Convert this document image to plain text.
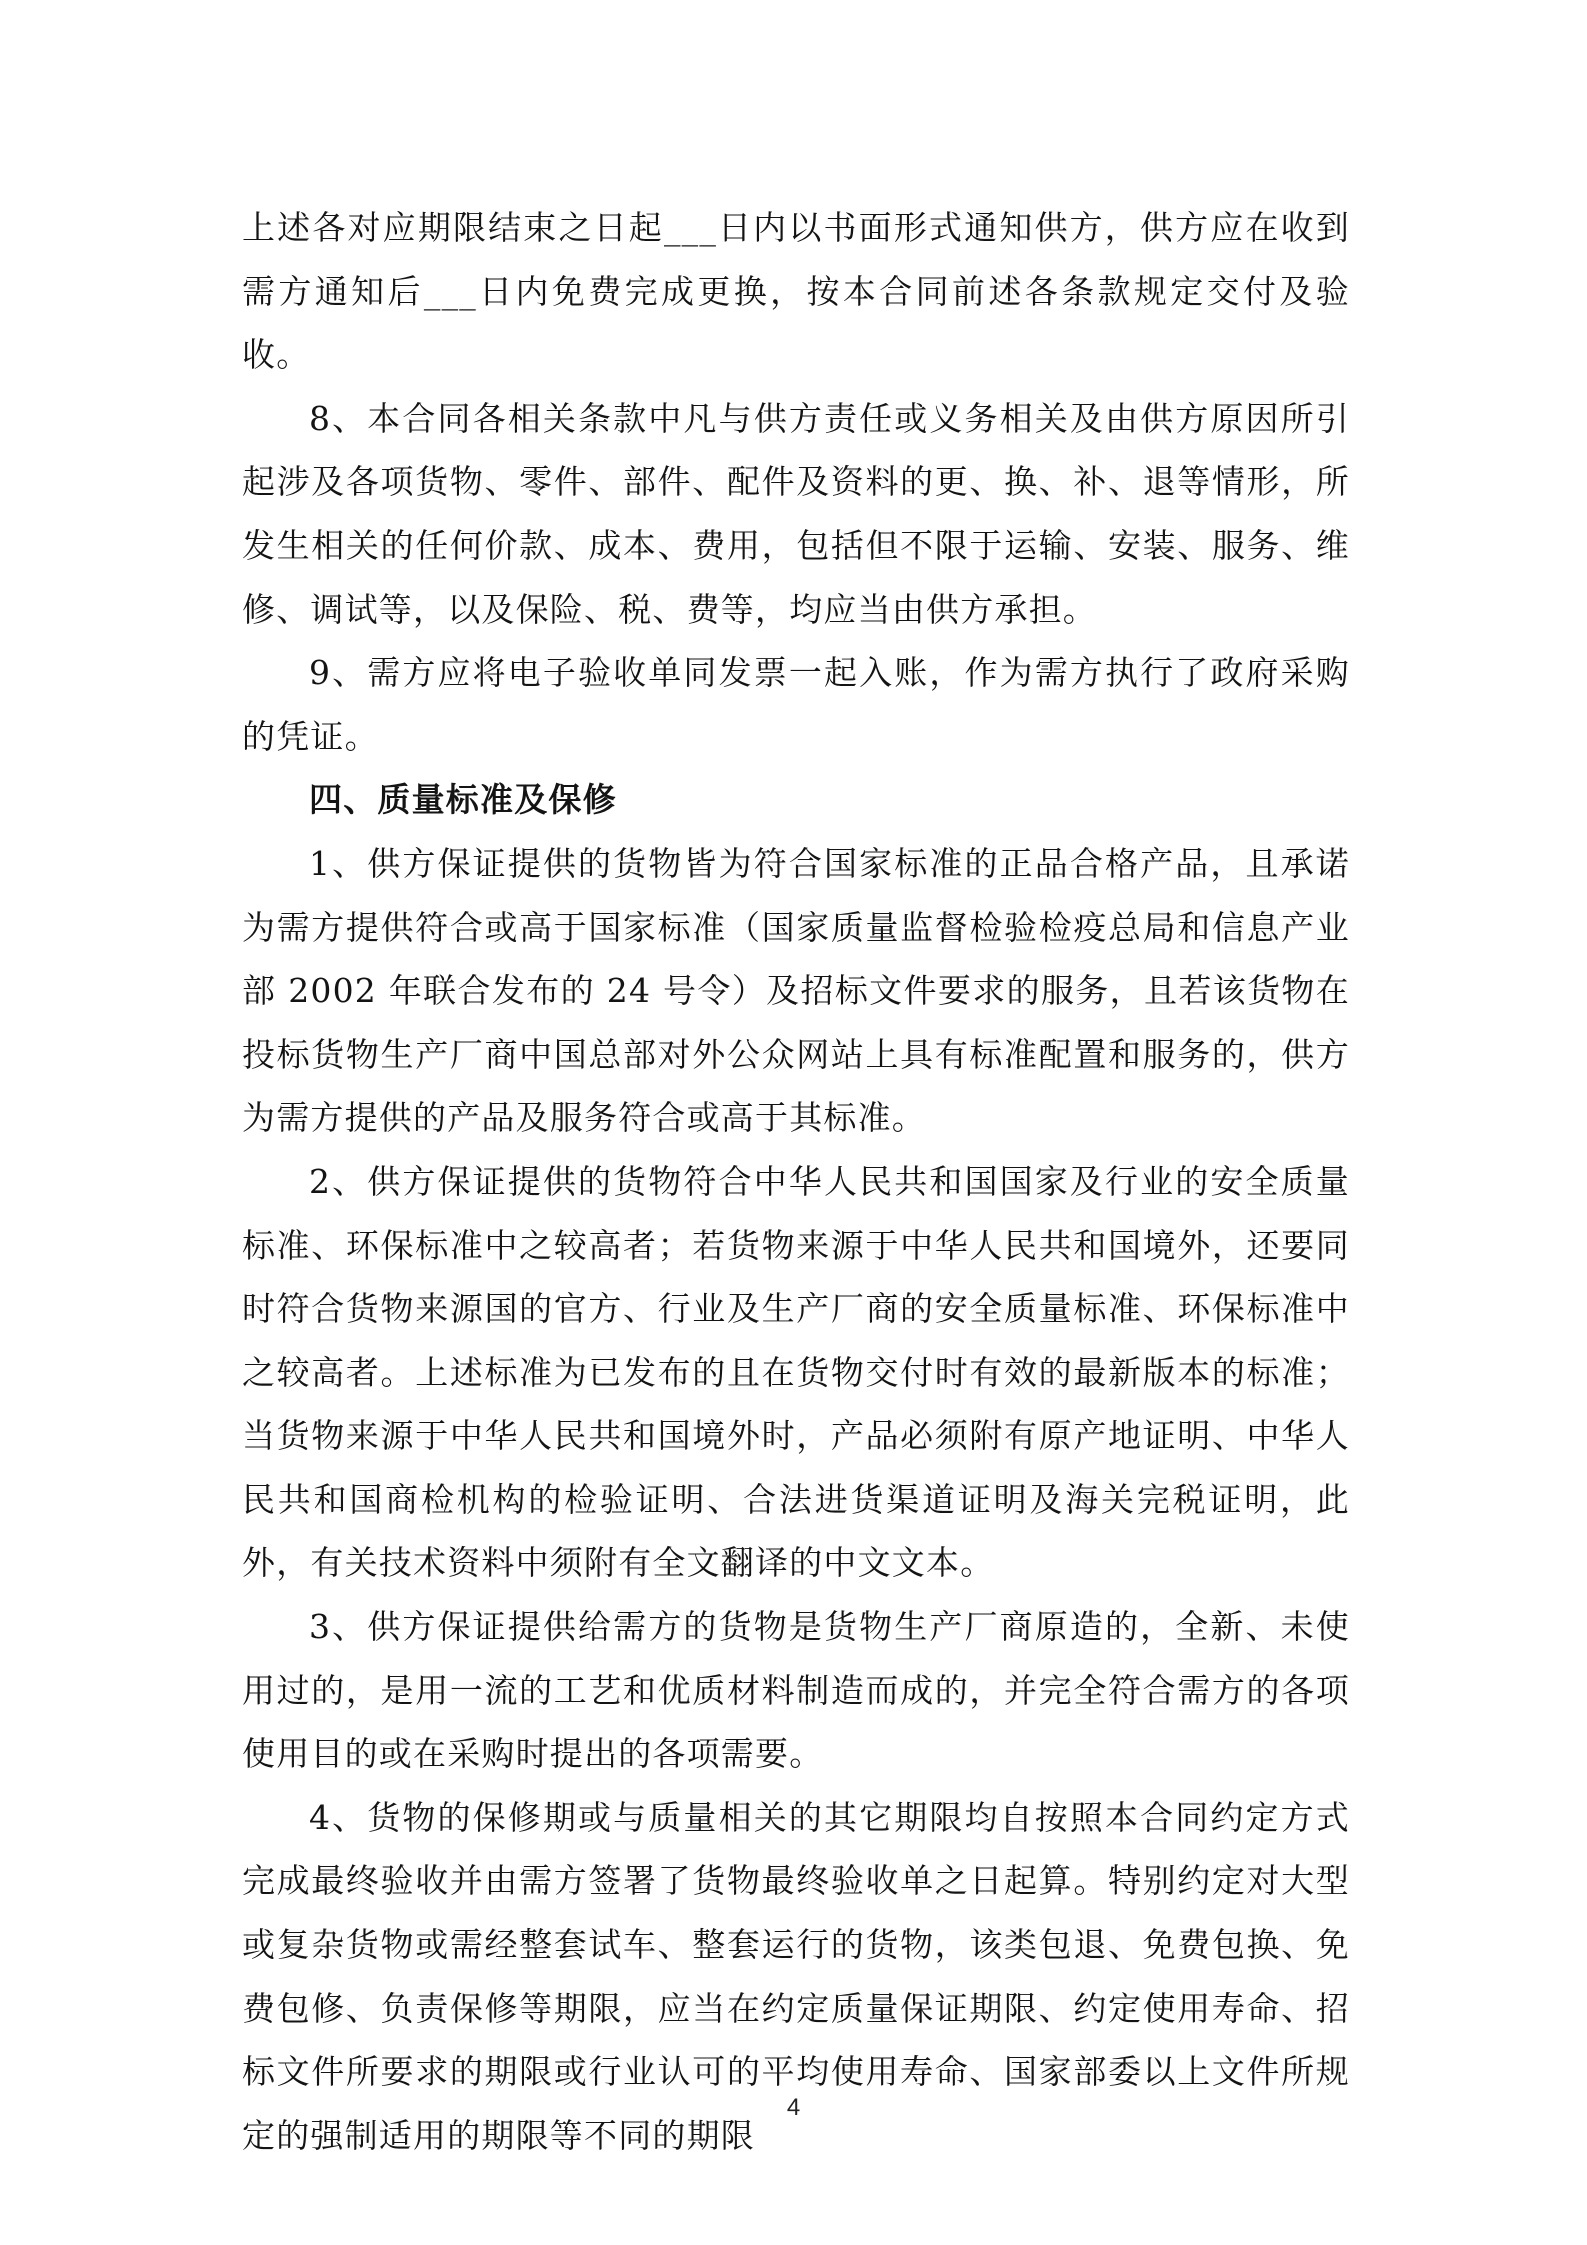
上述各对应期限结束之日起___日内以书面形式通知供方，供方应在收到需方通知后___日内免费完成更换，按本合同前述各条款规定交付及验收。

8、本合同各相关条款中凡与供方责任或义务相关及由供方原因所引起涉及各项货物、零件、部件、配件及资料的更、换、补、退等情形，所发生相关的任何价款、成本、费用，包括但不限于运输、安装、服务、维修、调试等，以及保险、税、费等，均应当由供方承担。

9、需方应将电子验收单同发票一起入账，作为需方执行了政府采购的凭证。

四、质量标准及保修

1、供方保证提供的货物皆为符合国家标准的正品合格产品，且承诺为需方提供符合或高于国家标准（国家质量监督检验检疫总局和信息产业部 2002 年联合发布的 24 号令）及招标文件要求的服务，且若该货物在投标货物生产厂商中国总部对外公众网站上具有标准配置和服务的，供方为需方提供的产品及服务符合或高于其标准。

2、供方保证提供的货物符合中华人民共和国国家及行业的安全质量标准、环保标准中之较高者；若货物来源于中华人民共和国境外，还要同时符合货物来源国的官方、行业及生产厂商的安全质量标准、环保标准中之较高者。上述标准为已发布的且在货物交付时有效的最新版本的标准；当货物来源于中华人民共和国境外时，产品必须附有原产地证明、中华人民共和国商检机构的检验证明、合法进货渠道证明及海关完税证明，此外，有关技术资料中须附有全文翻译的中文文本。

3、供方保证提供给需方的货物是货物生产厂商原造的，全新、未使用过的，是用一流的工艺和优质材料制造而成的，并完全符合需方的各项使用目的或在采购时提出的各项需要。

4、货物的保修期或与质量相关的其它期限均自按照本合同约定方式完成最终验收并由需方签署了货物最终验收单之日起算。特别约定对大型或复杂货物或需经整套试车、整套运行的货物，该类包退、免费包换、免费包修、负责保修等期限，应当在约定质量保证期限、约定使用寿命、招标文件所要求的期限或行业认可的平均使用寿命、国家部委以上文件所规定的强制适用的期限等不同的期限

4
